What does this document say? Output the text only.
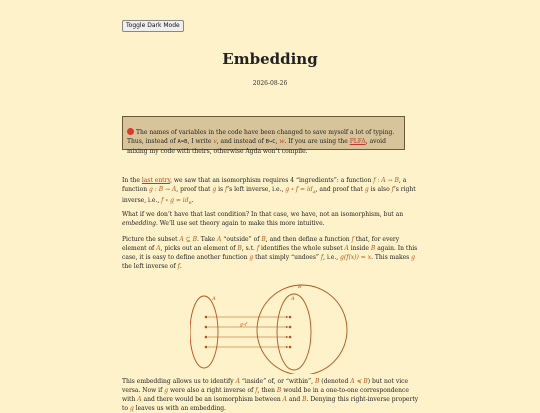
Toggle Dark Mode
Embedding
2026-08-26
The names of variables in the code have been changed to save myself a lot of typing. Thus, instead of A≃B, I write v, and instead of B↪C, w. If you are using the PLFA, avoid mixing my code with theirs, otherwise Agda won’t compile.
In the last entry, we saw that an isomorphism requires 4 “ingredients”: a function f : A → B, a function g : B → A, proof that g is f’s left inverse, i.e., g ∘ $f = id_A$, and proof that g is also f’s right inverse, i.e., f ∘ $g = id_B$.
What if we don’t have that last condition? In that case, we have, not an isomorphism, but an embedding. We’ll use set theory again to make this more intuitive.
Picture the subset A ⊆ B. Take A “outside” of B, and then define a function f that, for every element of A, picks out an element of B, s.t. f identifies the whole subset A inside B again. In this case, it is easy to define another function g that simply “undoes” f, i.e., g(f(x)) = x. This makes g the left inverse of f.
A	A
B
g∘f
This embedding allows us to identify A “inside” of, or “within”, B (denoted A ≼ B) but not vice versa. Now if g were also a right inverse of f, then B would be in a one-to-one correspondence with A and there would be an isomorphism between A and B. Denying this right-inverse property to g leaves us with an embedding.
